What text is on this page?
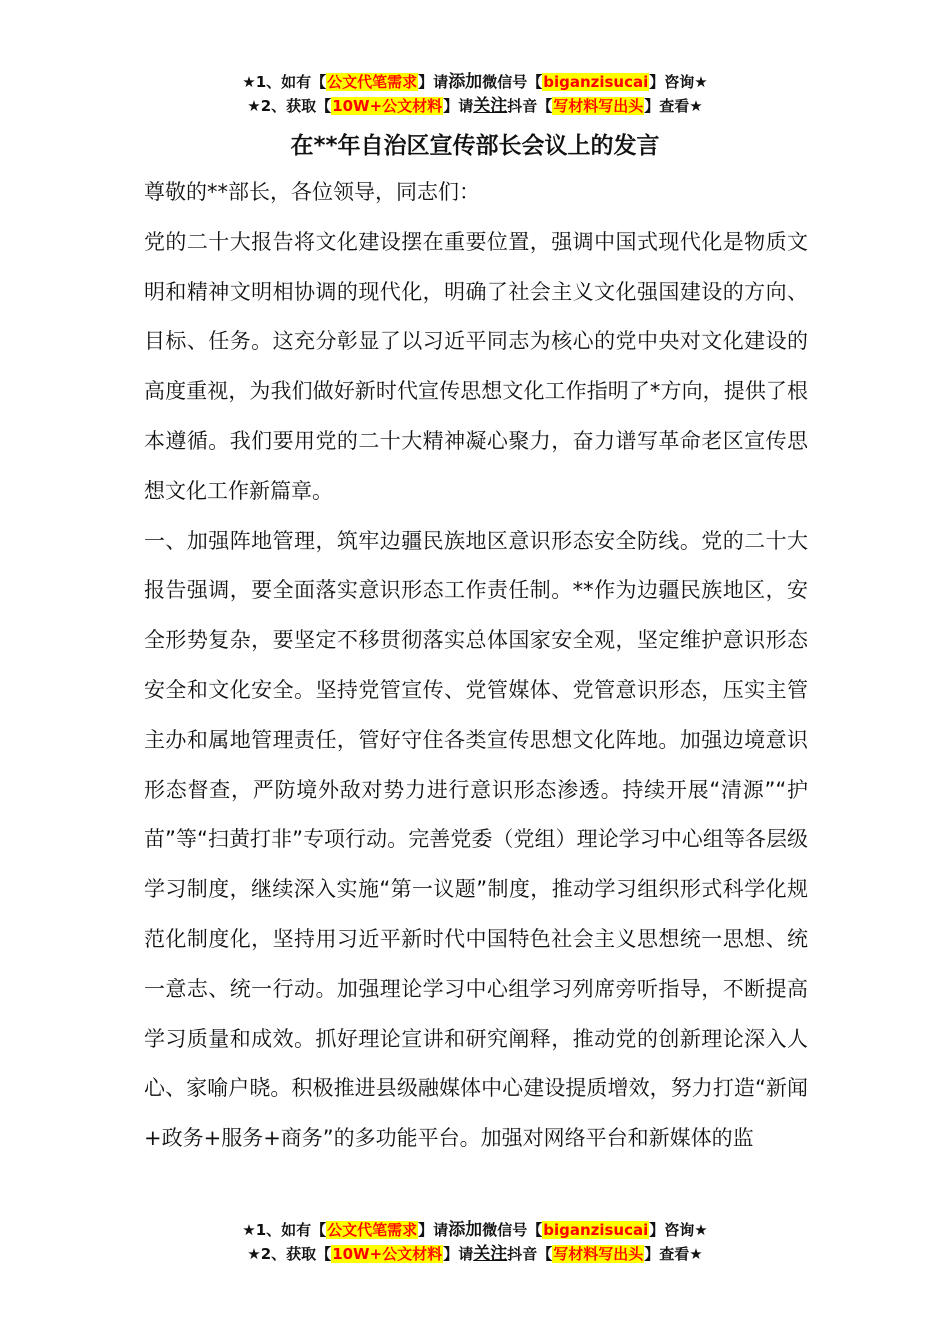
★1、如有【公文代笔需求】请添加微信号【biganzisucai】咨询★
★2、获取【10W+公文材料】请关注抖音【写材料写出头】查看★
在**年自治区宣传部长会议上的发言

尊敬的**部长，各位领导，同志们：

党的二十大报告将文化建设摆在重要位置，强调中国式现代化是物质文明和精神文明相协调的现代化，明确了社会主义文化强国建设的方向、目标、任务。这充分彰显了以习近平同志为核心的党中央对文化建设的高度重视，为我们做好新时代宣传思想文化工作指明了*方向，提供了根本遵循。我们要用党的二十大精神凝心聚力，奋力谱写革命老区宣传思想文化工作新篇章。

一、加强阵地管理，筑牢边疆民族地区意识形态安全防线。党的二十大报告强调，要全面落实意识形态工作责任制。**作为边疆民族地区，安全形势复杂，要坚定不移贯彻落实总体国家安全观，坚定维护意识形态安全和文化安全。坚持党管宣传、党管媒体、党管意识形态，压实主管主办和属地管理责任，管好守住各类宣传思想文化阵地。加强边境意识形态督查，严防境外敌对势力进行意识形态渗透。持续开展“清源”“护苗”等“扫黄打非”专项行动。完善党委（党组）理论学习中心组等各层级学习制度，继续深入实施“第一议题”制度，推动学习组织形式科学化规范化制度化，坚持用习近平新时代中国特色社会主义思想统一思想、统一意志、统一行动。加强理论学习中心组学习列席旁听指导，不断提高学习质量和成效。抓好理论宣讲和研究阐释，推动党的创新理论深入人心、家喻户晓。积极推进县级融媒体中心建设提质增效，努力打造“新闻+政务+服务+商务”的多功能平台。加强对网络平台和新媒体的监

★1、如有【公文代笔需求】请添加微信号【biganzisucai】咨询★
★2、获取【10W+公文材料】请关注抖音【写材料写出头】查看★
